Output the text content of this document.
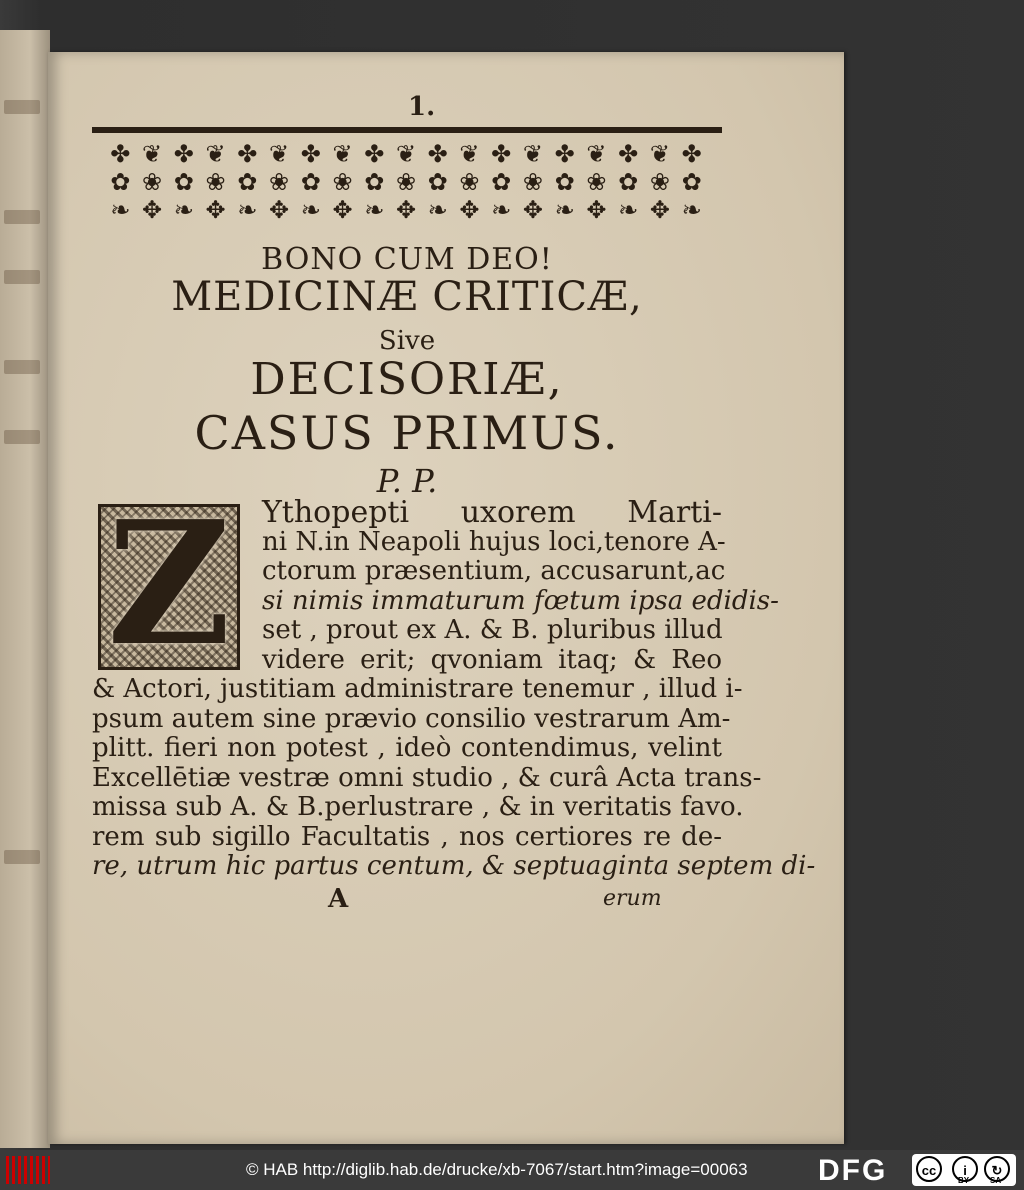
1.
✤ ❦ ✤ ❦ ✤ ❦ ✤ ❦ ✤ ❦ ✤ ❦ ✤ ❦ ✤ ❦ ✤ ❦ ✤
✿ ❀ ✿ ❀ ✿ ❀ ✿ ❀ ✿ ❀ ✿ ❀ ✿ ❀ ✿ ❀ ✿ ❀ ✿
❧ ✥ ❧ ✥ ❧ ✥ ❧ ✥ ❧ ✥ ❧ ✥ ❧ ✥ ❧ ✥ ❧ ✥ ❧
BONO CUM DEO!
MEDICINÆ CRITICÆ,
Sive
DECISORIÆ,
CASUS PRIMUS.
P. P.
Ythopepti uxorem Marti-
ni N.in Neapoli hujus loci,tenore A-
ctorum præsentium, accusarunt,ac
si nimis immaturum fœtum ipsa edidis-
set , prout ex A. & B. pluribus illud
videre erit; qvoniam itaq; & Reo
& Actori, justitiam administrare tenemur , illud i-
psum autem sine prævio consilio vestrarum Am-
plitt. fieri non potest , ideò contendimus, velint
Excellētiæ vestræ omni studio , & curâ Acta trans-
missa sub A. & B.perlustrare , & in veritatis favo.
rem sub sigillo Facultatis , nos certiores re de-
re, utrum hic partus centum, & septuaginta septem di-
Z
A	erum
© HAB http://diglib.hab.de/drucke/xb-7067/start.htm?image=00063 DFG	cc	i
BY
↻
SA
